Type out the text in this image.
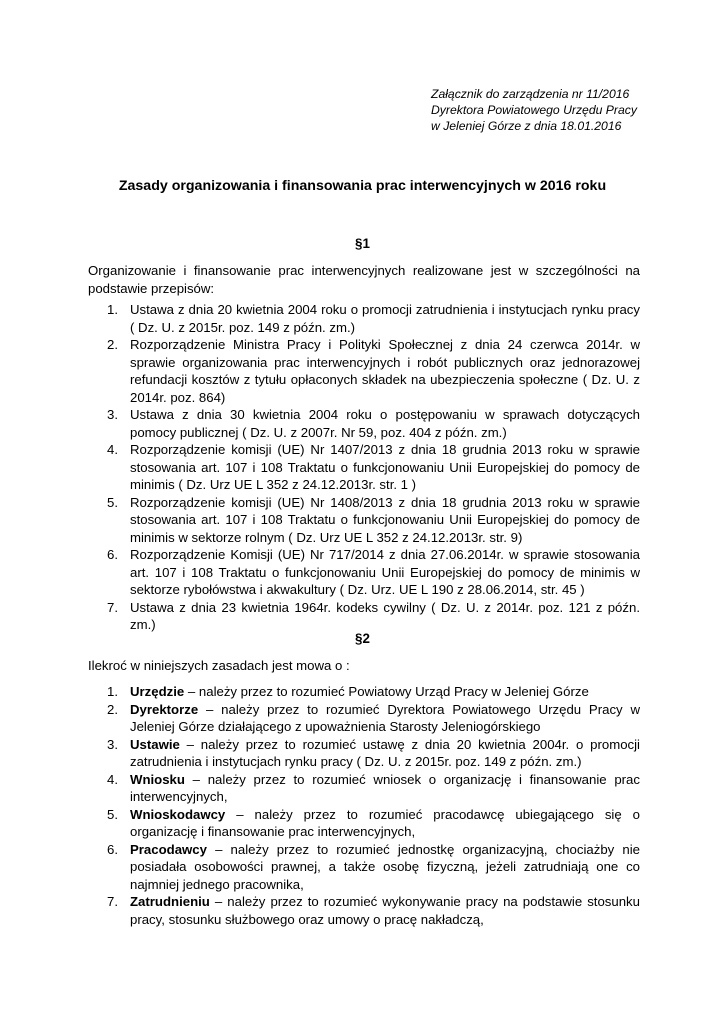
Załącznik do zarządzenia nr 11/2016
Dyrektora Powiatowego Urzędu Pracy
w Jeleniej Górze z dnia 18.01.2016
Zasady organizowania i finansowania prac interwencyjnych w 2016 roku
§1
Organizowanie i finansowanie prac interwencyjnych realizowane jest w szczególności na podstawie przepisów:
1. Ustawa z dnia 20 kwietnia 2004 roku o promocji zatrudnienia i instytucjach rynku pracy ( Dz. U. z 2015r. poz. 149 z późn. zm.)
2. Rozporządzenie Ministra Pracy i Polityki Społecznej z dnia 24 czerwca 2014r. w sprawie organizowania prac interwencyjnych i robót publicznych oraz jednorazowej refundacji kosztów z tytułu opłaconych składek na ubezpieczenia społeczne ( Dz. U. z 2014r. poz. 864)
3. Ustawa z dnia 30 kwietnia 2004 roku o postępowaniu w sprawach dotyczących pomocy publicznej ( Dz. U. z 2007r. Nr 59, poz. 404 z późn. zm.)
4. Rozporządzenie komisji (UE) Nr 1407/2013 z dnia 18 grudnia 2013 roku w sprawie stosowania art. 107 i 108 Traktatu o funkcjonowaniu Unii Europejskiej do pomocy de minimis ( Dz. Urz UE L 352 z 24.12.2013r. str. 1 )
5. Rozporządzenie komisji (UE) Nr 1408/2013 z dnia 18 grudnia 2013 roku w sprawie stosowania art. 107 i 108 Traktatu o funkcjonowaniu Unii Europejskiej do pomocy de minimis w sektorze rolnym ( Dz. Urz UE L 352 z 24.12.2013r. str. 9)
6. Rozporządzenie Komisji (UE) Nr 717/2014 z dnia 27.06.2014r. w sprawie stosowania art. 107 i 108 Traktatu o funkcjonowaniu Unii Europejskiej do pomocy de minimis w sektorze rybołówstwa i akwakultury ( Dz. Urz. UE L 190 z 28.06.2014, str. 45 )
7. Ustawa z dnia 23 kwietnia 1964r. kodeks cywilny ( Dz. U. z 2014r. poz. 121 z późn. zm.)
§2
Ilekroć w niniejszych zasadach jest mowa o :
1. Urzędzie – należy przez to rozumieć Powiatowy Urząd Pracy w Jeleniej Górze
2. Dyrektorze – należy przez to rozumieć Dyrektora Powiatowego Urzędu Pracy w Jeleniej Górze działającego z upoważnienia Starosty Jeleniogórskiego
3. Ustawie – należy przez to rozumieć ustawę z dnia 20 kwietnia 2004r. o promocji zatrudnienia i instytucjach rynku pracy ( Dz. U. z 2015r. poz. 149 z późn. zm.)
4. Wniosku – należy przez to rozumieć wniosek o organizację i finansowanie prac interwencyjnych,
5. Wnioskodawcy – należy przez to rozumieć pracodawcę ubiegającego się o organizację i finansowanie prac interwencyjnych,
6. Pracodawcy – należy przez to rozumieć jednostkę organizacyjną, chociażby nie posiadała osobowości prawnej, a także osobę fizyczną, jeżeli zatrudniają one co najmniej jednego pracownika,
7. Zatrudnieniu – należy przez to rozumieć wykonywanie pracy na podstawie stosunku pracy, stosunku służbowego oraz umowy o pracę nakładczą,
